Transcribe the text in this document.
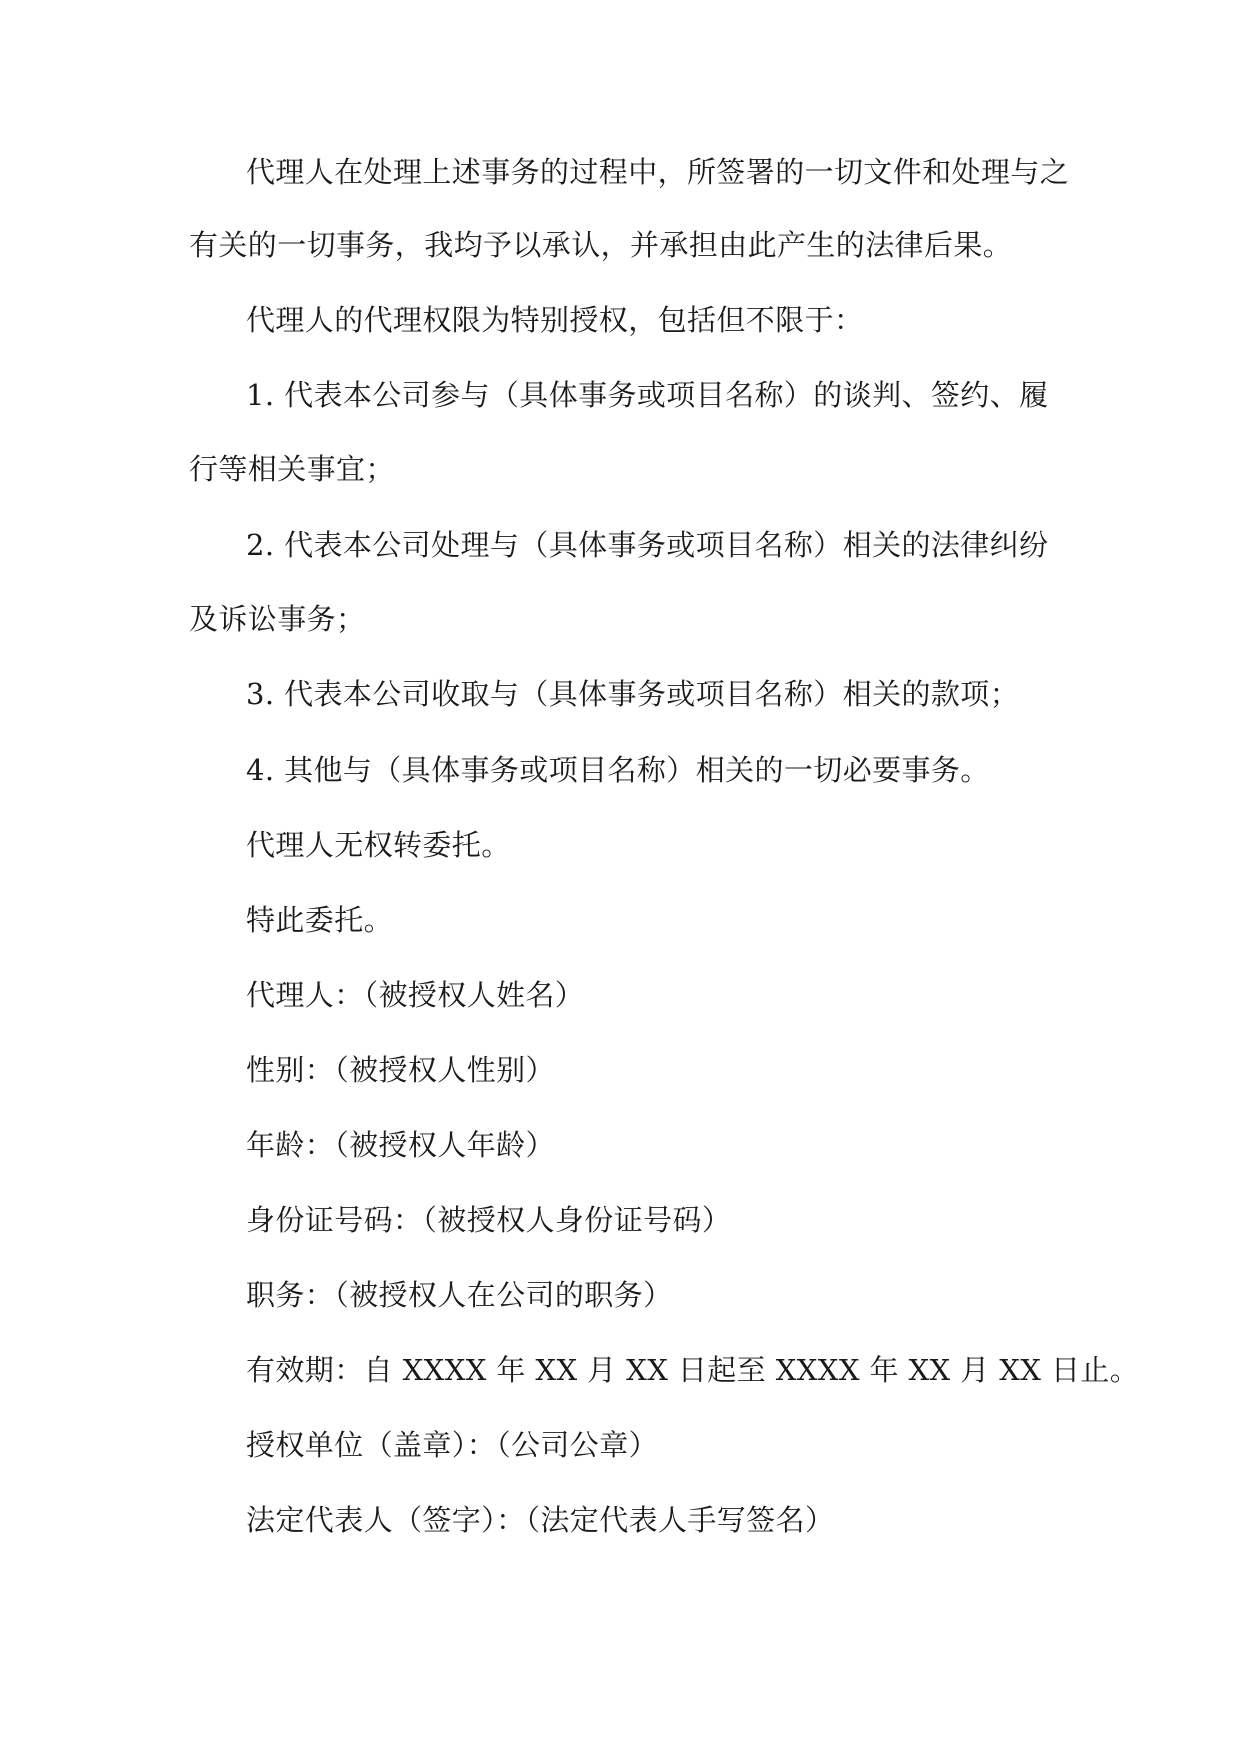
代理人在处理上述事务的过程中，所签署的一切文件和处理与之
有关的一切事务，我均予以承认，并承担由此产生的法律后果。
代理人的代理权限为特别授权，包括但不限于：
1. 代表本公司参与（具体事务或项目名称）的谈判、签约、履
行等相关事宜；
2. 代表本公司处理与（具体事务或项目名称）相关的法律纠纷
及诉讼事务；
3. 代表本公司收取与（具体事务或项目名称）相关的款项；
4. 其他与（具体事务或项目名称）相关的一切必要事务。
代理人无权转委托。
特此委托。
代理人：（被授权人姓名）
性别：（被授权人性别）
年龄：（被授权人年龄）
身份证号码：（被授权人身份证号码）
职务：（被授权人在公司的职务）
有效期：自 XXXX 年 XX 月 XX 日起至 XXXX 年 XX 月 XX 日止。
授权单位（盖章）：（公司公章）
法定代表人（签字）：（法定代表人手写签名）
